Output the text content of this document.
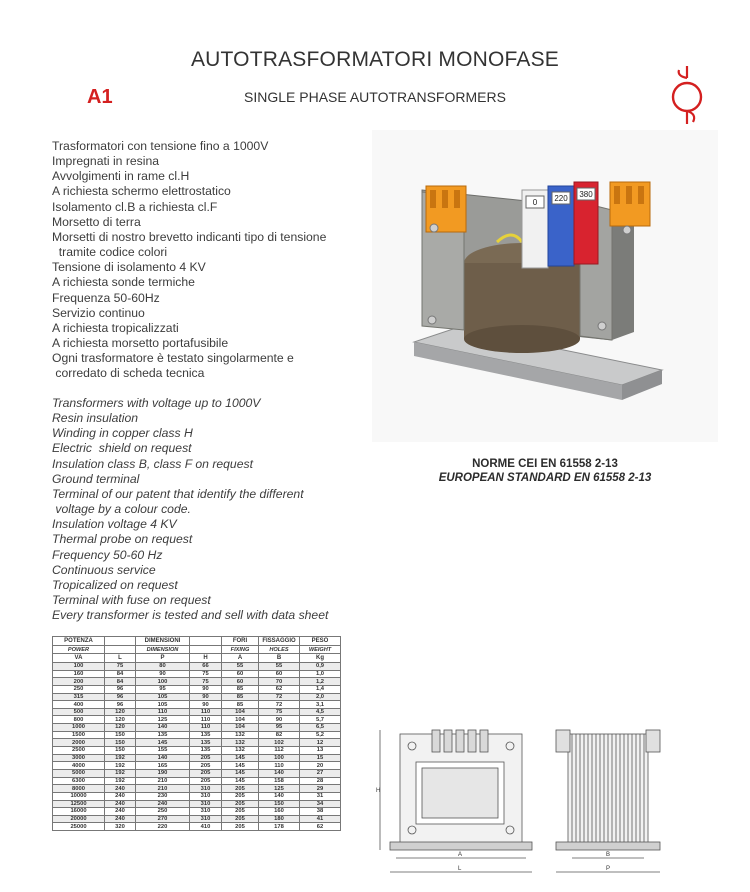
AUTOTRASFORMATORI MONOFASE
A1	SINGLE PHASE AUTOTRANSFORMERS
Trasformatori con tensione fino a 1000V
Impregnati in resina
Avvolgimenti in rame cl.H
A richiesta schermo elettrostatico
Isolamento cl.B a richiesta cl.F
Morsetto di terra
Morsetti di nostro brevetto indicanti tipo di tensione
tramite codice colori
Tensione di isolamento 4 KV
A richiesta sonde termiche
Frequenza 50-60Hz
Servizio continuo
A richiesta tropicalizzati
A richiesta morsetto portafusibile
Ogni trasformatore è testato singolarmente e
corredato di scheda tecnica
Transformers with voltage up to 1000V
Resin insulation
Winding in copper class H
Electric  shield on request
Insulation class B, class F on request
Ground terminal
Terminal of our patent that identify the different
voltage by a colour code.
Insulation voltage 4 KV
Thermal probe on request
Frequency 50-60 Hz
Continuous service
Tropicalized on request
Terminal with fuse on request
Every transformer is tested and sell with data sheet
0 220 380
NORME CEI EN 61558 2-13
EUROPEAN STANDARD EN 61558 2-13
POTENZA		DIMENSIONI		FORI	FISSAGGIO	PESO
POWER		DIMENSION		FIXING	HOLES	WEIGHT
VA	L	P	H	A	B	Kg
100	75	80	66	55	55	0,9
160	84	90	75	60	60	1,0
200	84	100	75	60	70	1,2
250	96	95	90	85	62	1,4
315	96	105	90	85	72	2,0
400	96	105	90	85	72	3,1
500	120	110	110	104	75	4,5
800	120	125	110	104	90	5,7
1000	120	140	110	104	95	6,5
1500	150	135	135	132	82	5,2
2000	150	145	135	132	102	12
2500	150	155	135	132	112	13
3000	192	140	205	145	100	15
4000	192	165	205	145	110	20
5000	192	190	205	145	140	27
6300	192	210	205	145	158	28
8000	240	210	310	205	125	29
10000	240	230	310	205	140	31
12500	240	240	310	205	150	34
16000	240	250	310	205	160	38
20000	240	270	310	205	180	41
25000	320	220	410	205	178	62
H
A
L
B
P
